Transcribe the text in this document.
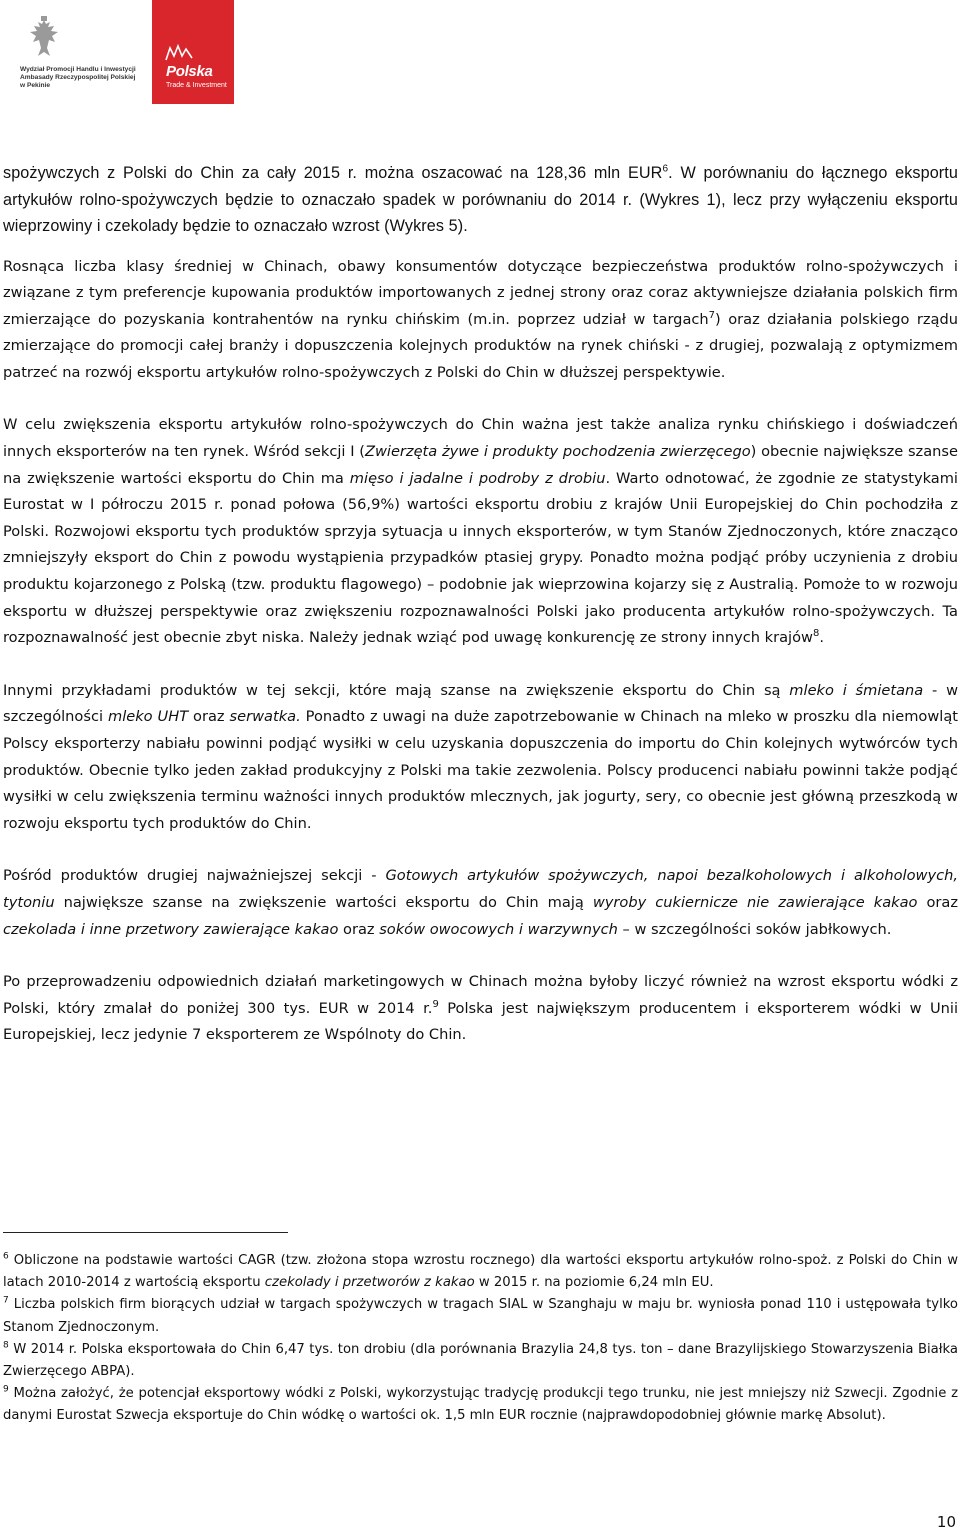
Wydział Promocji Handlu i Inwestycji
Ambasady Rzeczypospolitej Polskiej
w Pekinie
Polska
Trade & Investment

spożywczych z Polski do Chin za cały 2015 r. można oszacować na 128,36 mln EUR$^6$. W porównaniu do łącznego eksportu artykułów rolno-spożywczych będzie to oznaczało spadek w porównaniu do 2014 r. (Wykres 1), lecz przy wyłączeniu eksportu wieprzowiny i czekolady będzie to oznaczało wzrost (Wykres 5).

Rosnąca liczba klasy średniej w Chinach, obawy konsumentów dotyczące bezpieczeństwa produktów rolno-spożywczych i związane z tym preferencje kupowania produktów importowanych z jednej strony oraz coraz aktywniejsze działania polskich firm zmierzające do pozyskania kontrahentów na rynku chińskim (m.in. poprzez udział w targach$^7$) oraz działania polskiego rządu zmierzające do promocji całej branży i dopuszczenia kolejnych produktów na rynek chiński - z drugiej, pozwalają z optymizmem patrzeć na rozwój eksportu artykułów rolno-spożywczych z Polski do Chin w dłuższej perspektywie.

W celu zwiększenia eksportu artykułów rolno-spożywczych do Chin ważna jest także analiza rynku chińskiego i doświadczeń innych eksporterów na ten rynek. Wśród sekcji I (Zwierzęta żywe i produkty pochodzenia zwierzęcego) obecnie największe szanse na zwiększenie wartości eksportu do Chin ma mięso i jadalne i podroby z drobiu. Warto odnotować, że zgodnie ze statystykami Eurostat w I półroczu 2015 r. ponad połowa (56,9%) wartości eksportu drobiu z krajów Unii Europejskiej do Chin pochodziła z Polski. Rozwojowi eksportu tych produktów sprzyja sytuacja u innych eksporterów, w tym Stanów Zjednoczonych, które znacząco zmniejszyły eksport do Chin z powodu wystąpienia przypadków ptasiej grypy. Ponadto można podjąć próby uczynienia z drobiu produktu kojarzonego z Polską (tzw. produktu flagowego) – podobnie jak wieprzowina kojarzy się z Australią. Pomoże to w rozwoju eksportu w dłuższej perspektywie oraz zwiększeniu rozpoznawalności Polski jako producenta artykułów rolno-spożywczych. Ta rozpoznawalność jest obecnie zbyt niska. Należy jednak wziąć pod uwagę konkurencję ze strony innych krajów$^8$.

Innymi przykładami produktów w tej sekcji, które mają szanse na zwiększenie eksportu do Chin są mleko i śmietana - w szczególności mleko UHT oraz serwatka. Ponadto z uwagi na duże zapotrzebowanie w Chinach na mleko w proszku dla niemowląt Polscy eksporterzy nabiału powinni podjąć wysiłki w celu uzyskania dopuszczenia do importu do Chin kolejnych wytwórców tych produktów. Obecnie tylko jeden zakład produkcyjny z Polski ma takie zezwolenia. Polscy producenci nabiału powinni także podjąć wysiłki w celu zwiększenia terminu ważności innych produktów mlecznych, jak jogurty, sery, co obecnie jest główną przeszkodą w rozwoju eksportu tych produktów do Chin.

Pośród produktów drugiej najważniejszej sekcji - Gotowych artykułów spożywczych, napoi bezalkoholowych i alkoholowych, tytoniu największe szanse na zwiększenie wartości eksportu do Chin mają wyroby cukiernicze nie zawierające kakao oraz czekolada i inne przetwory zawierające kakao oraz soków owocowych i warzywnych – w szczególności soków jabłkowych.

Po przeprowadzeniu odpowiednich działań marketingowych w Chinach można byłoby liczyć również na wzrost eksportu wódki z Polski, który zmalał do poniżej 300 tys. EUR w 2014 r.$^9$ Polska jest największym producentem i eksporterem wódki w Unii Europejskiej, lecz jedynie 7 eksporterem ze Wspólnoty do Chin.

$^6$ Obliczone na podstawie wartości CAGR (tzw. złożona stopa wzrostu rocznego) dla wartości eksportu artykułów rolno-spoż. z Polski do Chin w latach 2010-2014 z wartością eksportu czekolady i przetworów z kakao w 2015 r. na poziomie 6,24 mln EU.

$^7$ Liczba polskich firm biorących udział w targach spożywczych w tragach SIAL w Szanghaju w maju br. wyniosła ponad 110 i ustępowała tylko Stanom Zjednoczonym.

$^8$ W 2014 r. Polska eksportowała do Chin 6,47 tys. ton drobiu (dla porównania Brazylia 24,8 tys. ton – dane Brazylijskiego Stowarzyszenia Białka Zwierzęcego ABPA).

$^9$ Można założyć, że potencjał eksportowy wódki z Polski, wykorzystując tradycję produkcji tego trunku, nie jest mniejszy niż Szwecji. Zgodnie z danymi Eurostat Szwecja eksportuje do Chin wódkę o wartości ok. 1,5 mln EUR rocznie (najprawdopodobniej głównie markę Absolut).

10
